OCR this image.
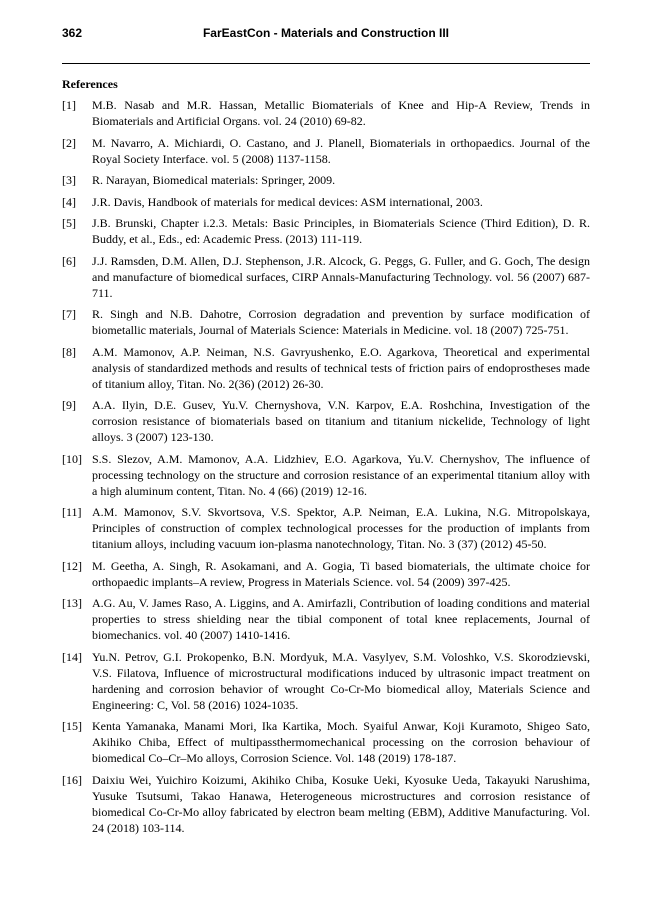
362	FarEastCon - Materials and Construction III
References
[1]	M.B. Nasab and M.R. Hassan, Metallic Biomaterials of Knee and Hip-A Review, Trends in Biomaterials and Artificial Organs. vol. 24 (2010) 69-82.
[2]	M. Navarro, A. Michiardi, O. Castano, and J. Planell, Biomaterials in orthopaedics. Journal of the Royal Society Interface. vol. 5 (2008) 1137-1158.
[3]	R. Narayan, Biomedical materials: Springer, 2009.
[4]	J.R. Davis, Handbook of materials for medical devices: ASM international, 2003.
[5]	J.B. Brunski, Chapter i.2.3. Metals: Basic Principles, in Biomaterials Science (Third Edition), D. R. Buddy, et al., Eds., ed: Academic Press. (2013) 111-119.
[6]	J.J. Ramsden, D.M. Allen, D.J. Stephenson, J.R. Alcock, G. Peggs, G. Fuller, and G. Goch, The design and manufacture of biomedical surfaces, CIRP Annals-Manufacturing Technology. vol. 56 (2007) 687-711.
[7]	R. Singh and N.B. Dahotre, Corrosion degradation and prevention by surface modification of biometallic materials, Journal of Materials Science: Materials in Medicine. vol. 18 (2007) 725-751.
[8]	A.M. Mamonov, A.P. Neiman, N.S. Gavryushenko, E.O. Agarkova, Theoretical and experimental analysis of standardized methods and results of technical tests of friction pairs of endoprostheses made of titanium alloy, Titan. No. 2(36) (2012) 26-30.
[9]	A.A. Ilyin, D.E. Gusev, Yu.V. Chernyshova, V.N. Karpov, E.A. Roshchina, Investigation of the corrosion resistance of biomaterials based on titanium and titanium nickelide, Technology of light alloys. 3 (2007) 123-130.
[10] S.S. Slezov, A.M. Mamonov, A.A. Lidzhiev, E.O. Agarkova, Yu.V. Chernyshov, The influence of processing technology on the structure and corrosion resistance of an experimental titanium alloy with a high aluminum content, Titan. No. 4 (66) (2019) 12-16.
[11] A.M. Mamonov, S.V. Skvortsova, V.S. Spektor, A.P. Neiman, E.A. Lukina, N.G. Mitropolskaya, Principles of construction of complex technological processes for the production of implants from titanium alloys, including vacuum ion-plasma nanotechnology, Titan. No. 3 (37) (2012) 45-50.
[12] M. Geetha, A. Singh, R. Asokamani, and A. Gogia, Ti based biomaterials, the ultimate choice for orthopaedic implants–A review, Progress in Materials Science. vol. 54 (2009) 397-425.
[13] A.G. Au, V. James Raso, A. Liggins, and A. Amirfazli, Contribution of loading conditions and material properties to stress shielding near the tibial component of total knee replacements, Journal of biomechanics. vol. 40 (2007) 1410-1416.
[14] Yu.N. Petrov, G.I. Prokopenko, B.N. Mordyuk, M.A. Vasylyev, S.M. Voloshko, V.S. Skorodzievski, V.S. Filatova, Influence of microstructural modifications induced by ultrasonic impact treatment on hardening and corrosion behavior of wrought Co-Cr-Mo biomedical alloy, Materials Science and Engineering: C, Vol. 58 (2016) 1024-1035.
[15] Kenta Yamanaka, Manami Mori, Ika Kartika, Moch. Syaiful Anwar, Koji Kuramoto, Shigeo Sato, Akihiko Chiba, Effect of multipassthermomechanical processing on the corrosion behaviour of biomedical Co–Cr–Mo alloys, Corrosion Science. Vol. 148 (2019) 178-187.
[16] Daixiu Wei, Yuichiro Koizumi, Akihiko Chiba, Kosuke Ueki, Kyosuke Ueda, Takayuki Narushima, Yusuke Tsutsumi, Takao Hanawa, Heterogeneous microstructures and corrosion resistance of biomedical Co-Cr-Mo alloy fabricated by electron beam melting (EBM), Additive Manufacturing. Vol. 24 (2018) 103-114.
